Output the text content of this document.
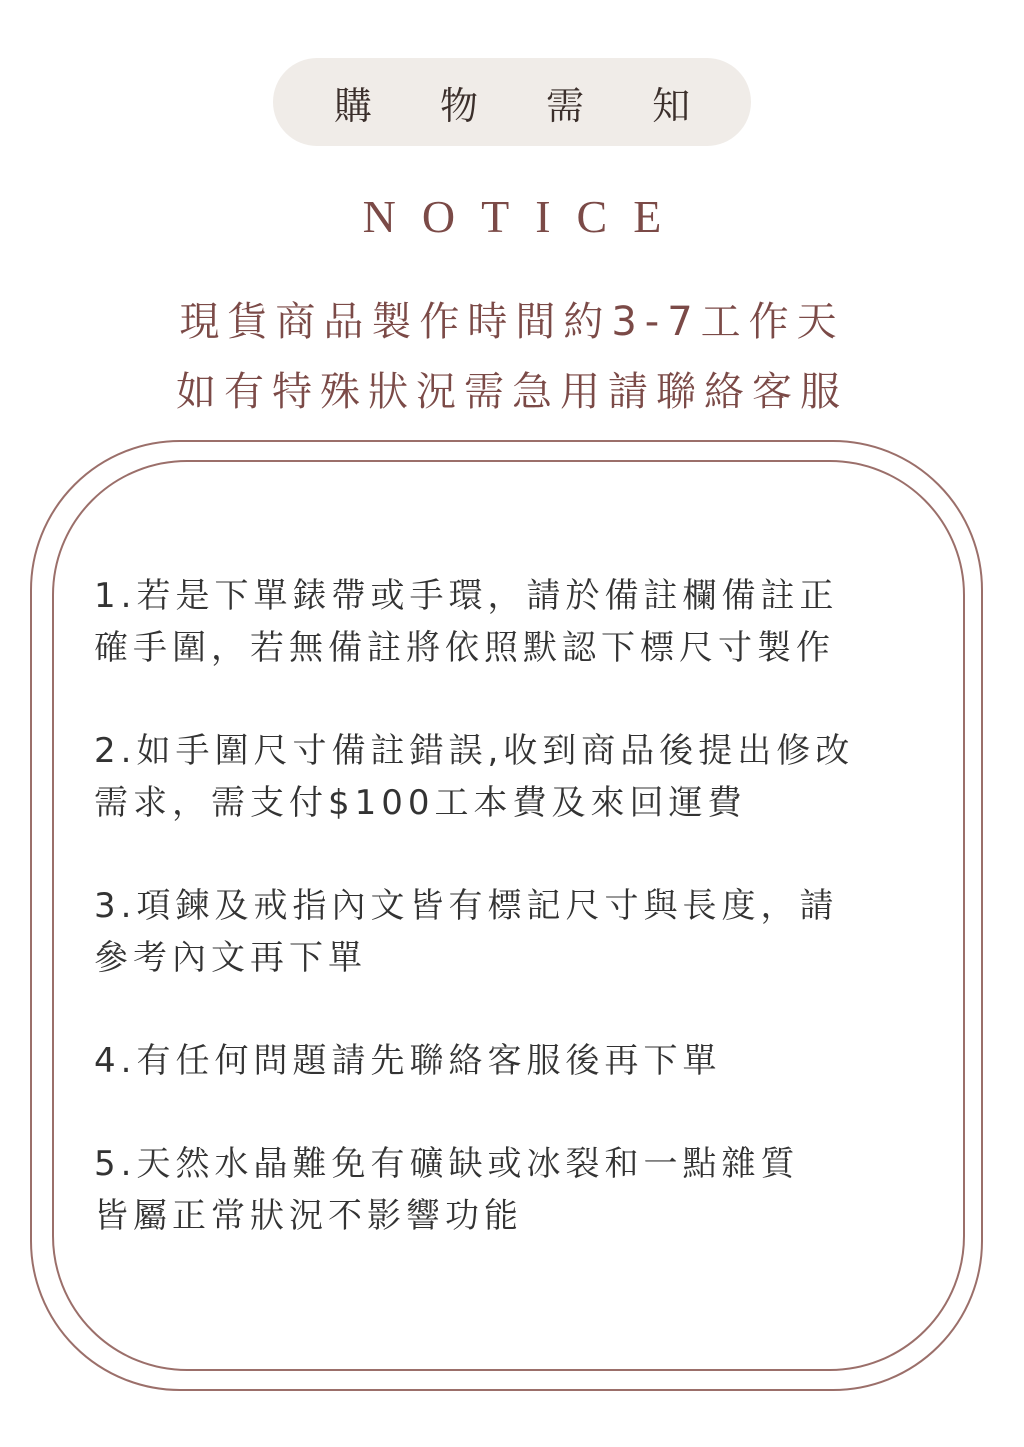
購 物 需 知
NOTICE
現貨商品製作時間約3-7工作天
如有特殊狀況需急用請聯絡客服
1.若是下單錶帶或手環，請於備註欄備註正
確手圍，若無備註將依照默認下標尺寸製作
2.如手圍尺寸備註錯誤,收到商品後提出修改
需求，需支付$100工本費及來回運費
3.項鍊及戒指內文皆有標記尺寸與長度，請
參考內文再下單
4.有任何問題請先聯絡客服後再下單
5.天然水晶難免有礦缺或冰裂和一點雜質
皆屬正常狀況不影響功能
